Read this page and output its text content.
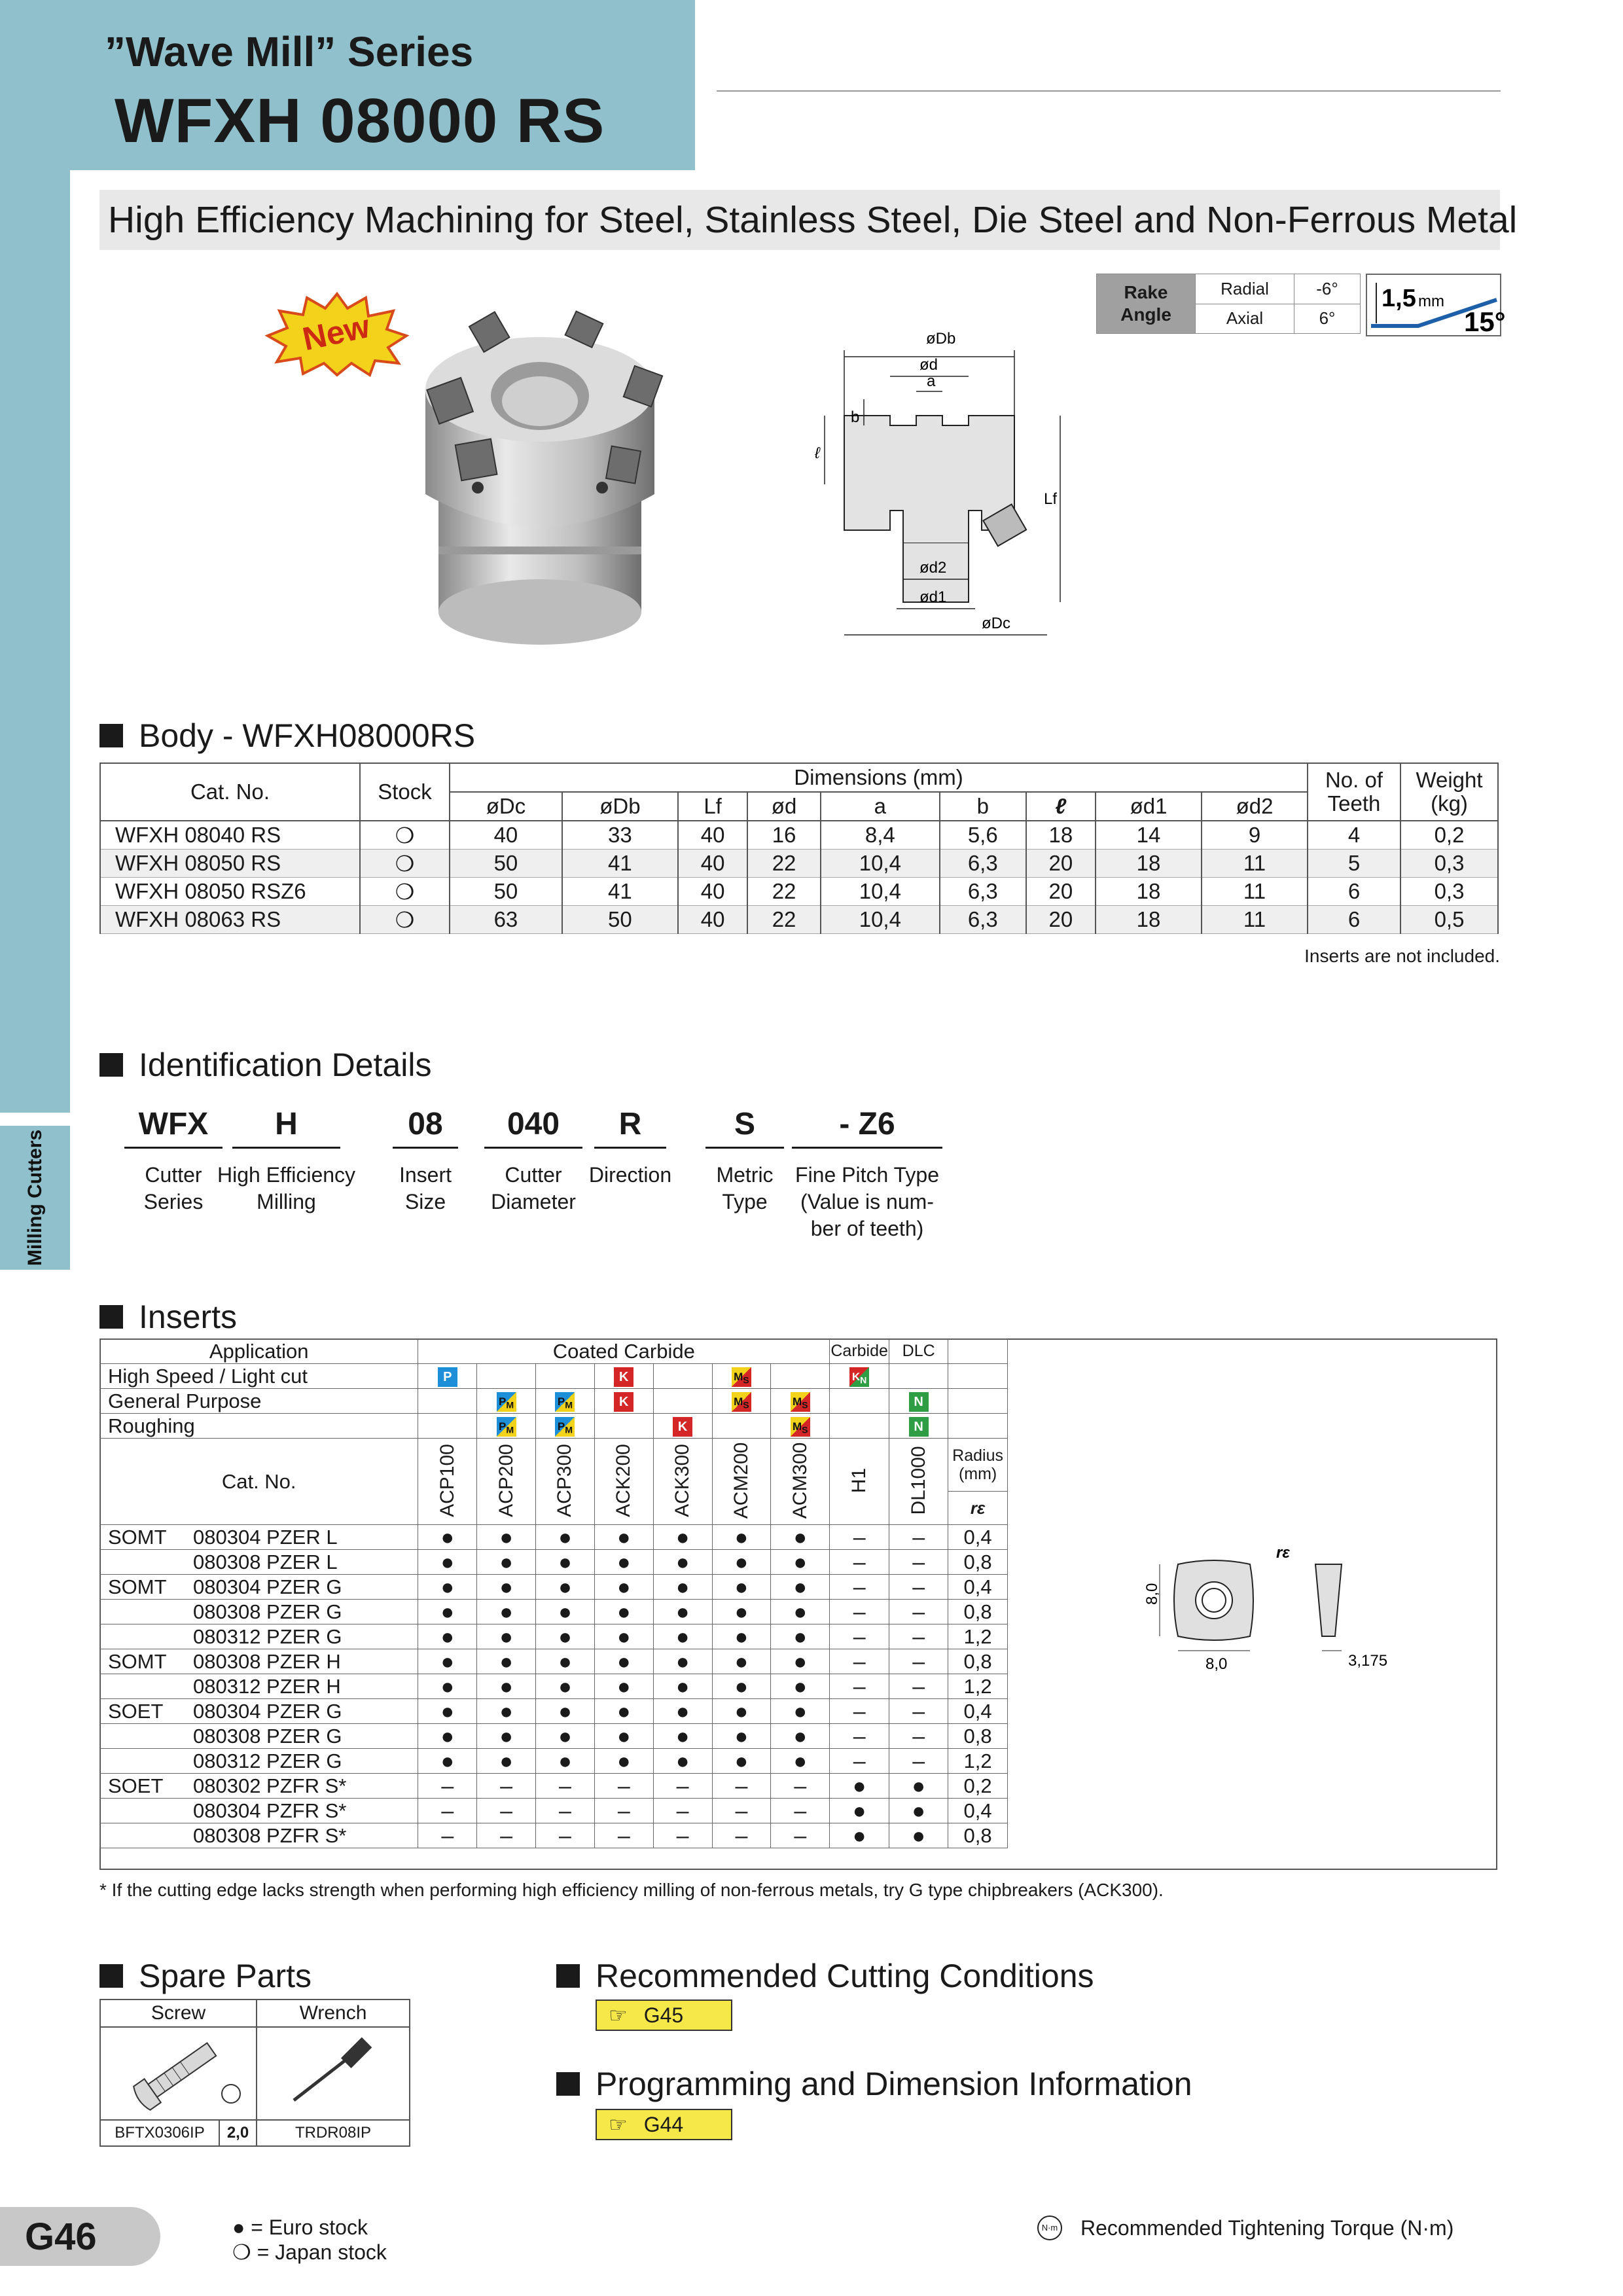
”Wave Mill” Series
WFXH 08000 RS
Milling Cutters
High Efficiency Machining for Steel, Stainless Steel, Die Steel and Non-Ferrous Metal
New	øDb
ød
a
ℓ
b
Lf
ød2
ød1
øDc
Rake
Angle	Radial	-6°
	Axial	6°
1,5 mm
15°
Body - WFXH08000RS
Cat. No.	Stock	Dimensions (mm)									No. of
Teeth	Weight
(kg)
		øDc	øDb	Lf	ød	a	b	ℓ	ød1	ød2		
WFXH 08040 RS	❍	40	33	40	16	8,4	5,6	18	14	9	4	0,2
WFXH 08050 RS	❍	50	41	40	22	10,4	6,3	20	18	11	5	0,3
WFXH 08050 RSZ6	❍	50	41	40	22	10,4	6,3	20	18	11	6	0,3
WFXH 08063 RS	❍	63	50	40	22	10,4	6,3	20	18	11	6	0,5
Inserts are not included.
Identification Details
WFX
Cutter
Series
H
High Efficiency
Milling
08
Insert
Size
040
Cutter
Diameter
R
Direction
S
Metric
Type
- Z6
Fine Pitch Type
(Value is num-
ber of teeth)
Inserts
Application	Coated Carbide							Carbide	DLC	
High Speed / Light cut	P			K		$M_S$		$K_N$		
General Purpose		$P_M$	$P_M$	K		$M_S$	$M_S$		N	
Roughing		$P_M$	$P_M$		K		$M_S$		N	
Cat. No.	ACP100	ACP200	ACP300	ACK200	ACK300	ACM200	ACM300	H1	DL1000	Radius
(mm)
										rε
SOMT 080304 PZER L	●	●	●	●	●	●	●	–	–	0,4
080308 PZER L	●	●	●	●	●	●	●	–	–	0,8
SOMT 080304 PZER G	●	●	●	●	●	●	●	–	–	0,4
080308 PZER G	●	●	●	●	●	●	●	–	–	0,8
080312 PZER G	●	●	●	●	●	●	●	–	–	1,2
SOMT 080308 PZER H	●	●	●	●	●	●	●	–	–	0,8
080312 PZER H	●	●	●	●	●	●	●	–	–	1,2
SOET 080304 PZER G	●	●	●	●	●	●	●	–	–	0,4
080308 PZER G	●	●	●	●	●	●	●	–	–	0,8
080312 PZER G	●	●	●	●	●	●	●	–	–	1,2
SOET 080302 PZFR S*	–	–	–	–	–	–	–	●	●	0,2
080304 PZFR S*	–	–	–	–	–	–	–	●	●	0,4
080308 PZFR S*	–	–	–	–	–	–	–	●	●	0,8
8,0
8,0	3,175
rε
* If the cutting edge lacks strength when performing high efficiency milling of non-ferrous metals, try G type chipbreakers (ACK300).
Spare Parts
Screw		Wrench

BFTX0306IP	2,0	TRDR08IP
Recommended Cutting Conditions
☞ G45
Programming and Dimension Information
☞ G44
G46	● = Euro stock
❍ = Japan stock
N·m Recommended Tightening Torque (N·m)
